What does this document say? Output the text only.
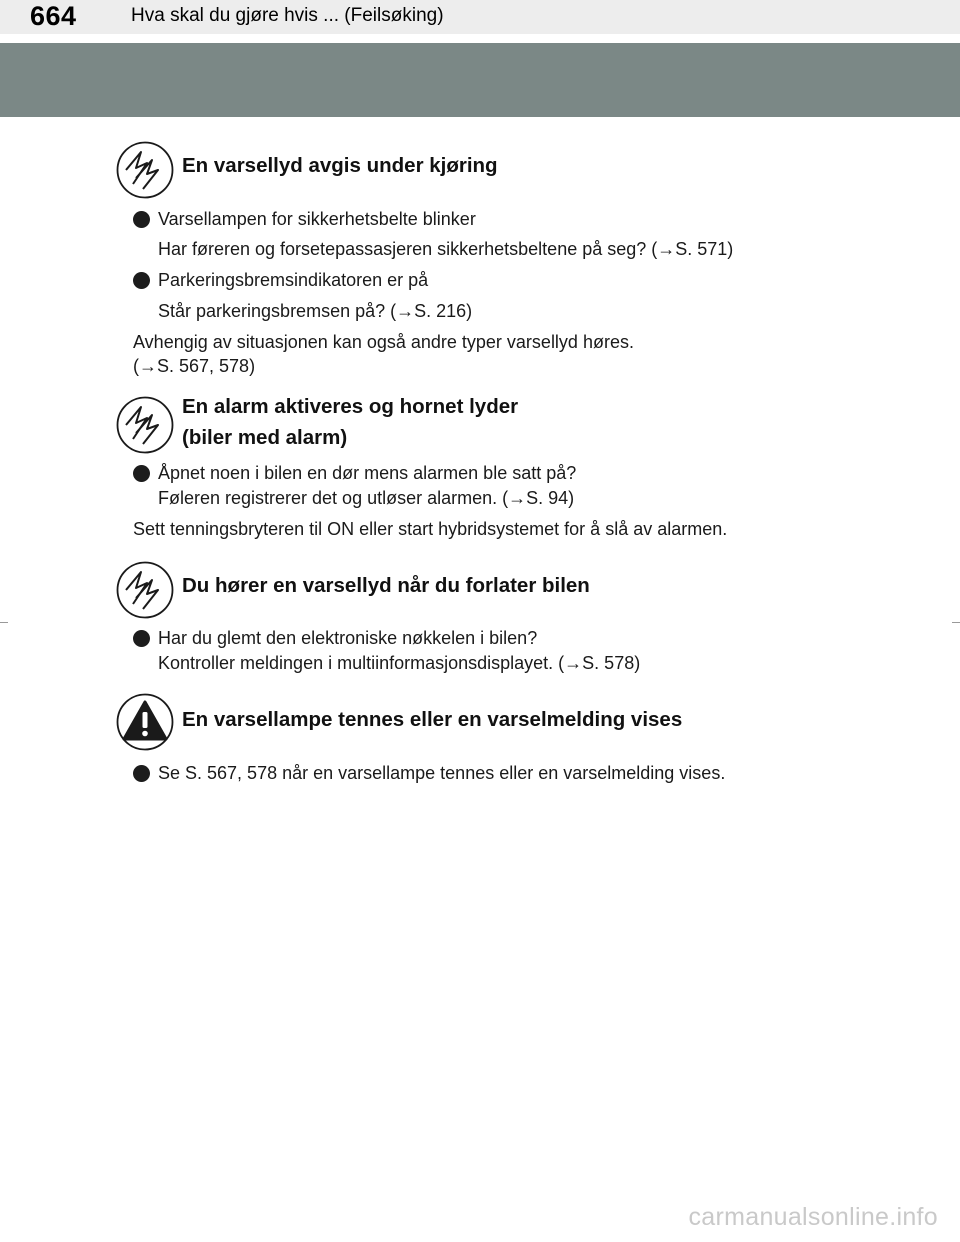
664	Hva skal du gjøre hvis ... (Feilsøking)
En varsellyd avgis under kjøring
Varsellampen for sikkerhetsbelte blinker
Har føreren og forsetepassasjeren sikkerhetsbeltene på seg? (→S. 571)
Parkeringsbremsindikatoren er på
Står parkeringsbremsen på? (→S. 216)
Avhengig av situasjonen kan også andre typer varsellyd høres.
(→S. 567, 578)
En alarm aktiveres og hornet lyder
(biler med alarm)
Åpnet noen i bilen en dør mens alarmen ble satt på?
Føleren registrerer det og utløser alarmen. (→S. 94)
Sett tenningsbryteren til ON eller start hybridsystemet for å slå av alarmen.
Du hører en varsellyd når du forlater bilen
Har du glemt den elektroniske nøkkelen i bilen?
Kontroller meldingen i multiinformasjonsdisplayet. (→S. 578)
En varsellampe tennes eller en varselmelding vises
Se S. 567, 578 når en varsellampe tennes eller en varselmelding vises.
carmanualsonline.info
